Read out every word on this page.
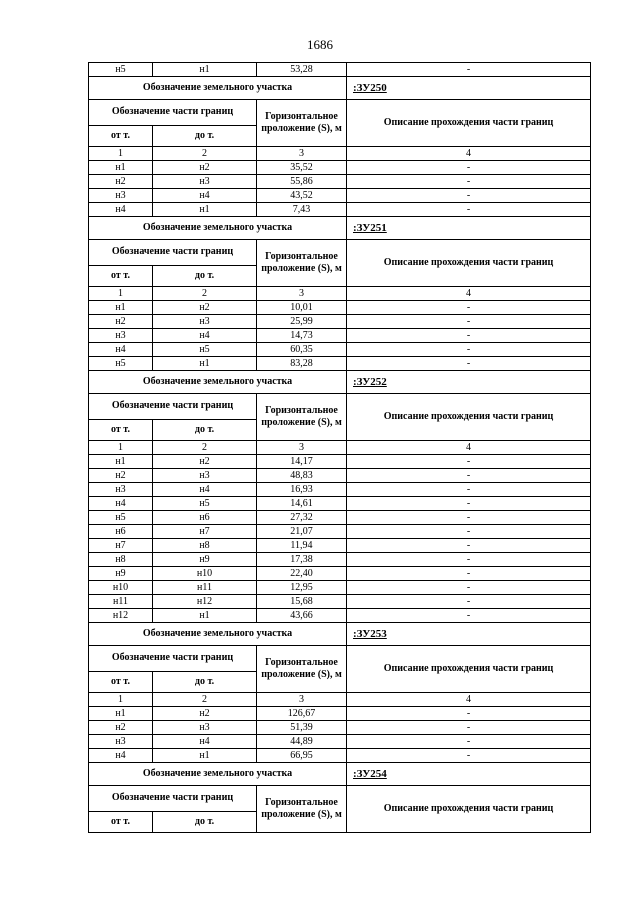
1686
н5	н1	53,28	-
Обозначение земельного участка			:ЗУ250
Обозначение части границ		Горизонтальное проложение (S), м	Описание прохождения части границ
от т.	до т.		
1	2	3	4
н1	н2	35,52	-
н2	н3	55,86	-
н3	н4	43,52	-
н4	н1	7,43	-
Обозначение земельного участка			:ЗУ251
Обозначение части границ		Горизонтальное проложение (S), м	Описание прохождения части границ
от т.	до т.		
1	2	3	4
н1	н2	10,01	-
н2	н3	25,99	-
н3	н4	14,73	-
н4	н5	60,35	-
н5	н1	83,28	-
Обозначение земельного участка			:ЗУ252
Обозначение части границ		Горизонтальное проложение (S), м	Описание прохождения части границ
от т.	до т.		
1	2	3	4
н1	н2	14,17	-
н2	н3	48,83	-
н3	н4	16,93	-
н4	н5	14,61	-
н5	н6	27,32	-
н6	н7	21,07	-
н7	н8	11,94	-
н8	н9	17,38	-
н9	н10	22,40	-
н10	н11	12,95	-
н11	н12	15,68	-
н12	н1	43,66	-
Обозначение земельного участка			:ЗУ253
Обозначение части границ		Горизонтальное проложение (S), м	Описание прохождения части границ
от т.	до т.		
1	2	3	4
н1	н2	126,67	-
н2	н3	51,39	-
н3	н4	44,89	-
н4	н1	66,95	-
Обозначение земельного участка			:ЗУ254
Обозначение части границ		Горизонтальное проложение (S), м	Описание прохождения части границ
от т.	до т.		
